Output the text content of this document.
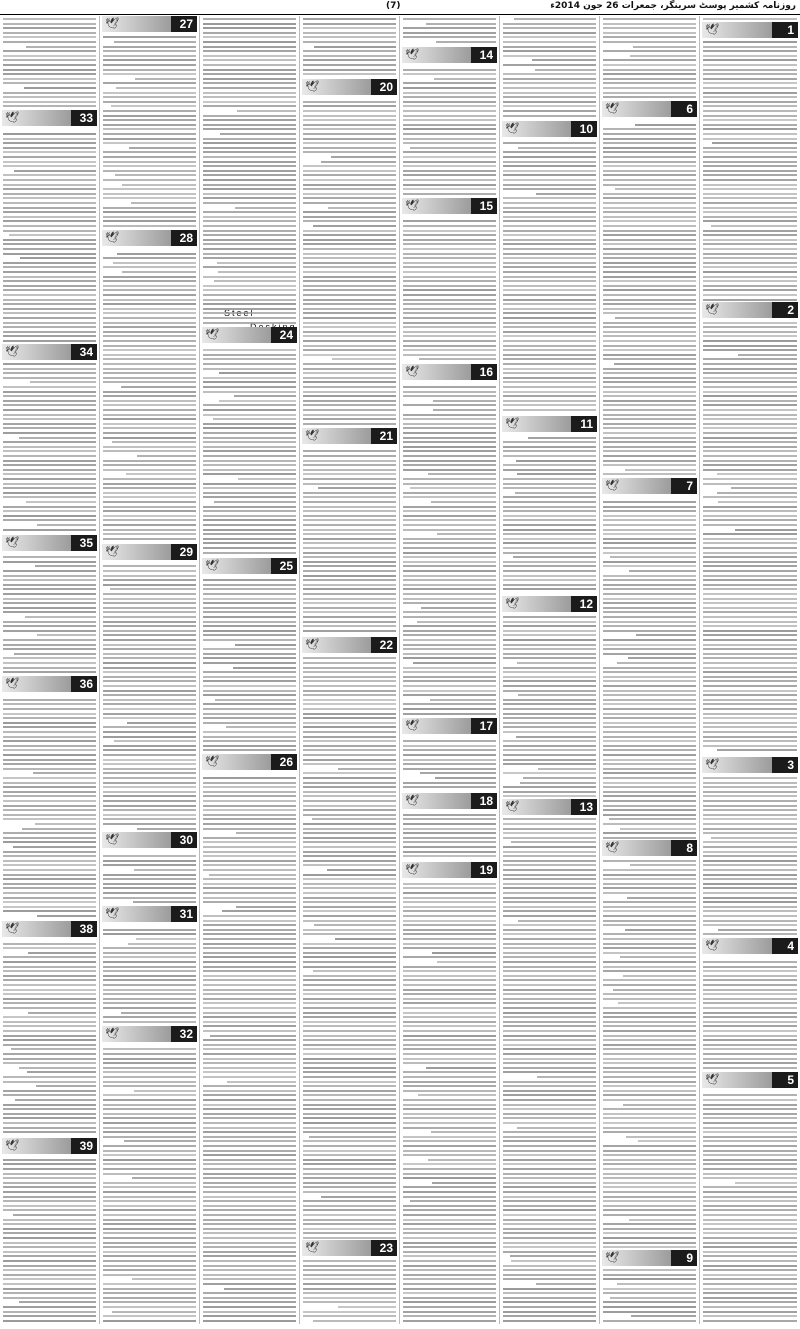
(7)	روزنامہ کشمیر پوسٹ سرینگر، جمعرات 26 جون 2014ء
🕊	33
🕊	34
🕊	35
🕊	36
🕊	38
🕊	39
🕊	27
🕊	28
🕊	29
🕊	30
🕊	31
🕊	32
🕊	24
🕊	25
🕊	26
🕊	20
🕊	21
🕊	22
🕊	23
🕊	14
🕊	15
🕊	16
🕊	17
🕊	18
🕊	19
🕊	10
🕊	11
🕊	12
🕊	13
🕊	6
🕊	7
🕊	8
🕊	9
🕊	1
🕊	2
🕊	3
🕊	4
🕊	5
